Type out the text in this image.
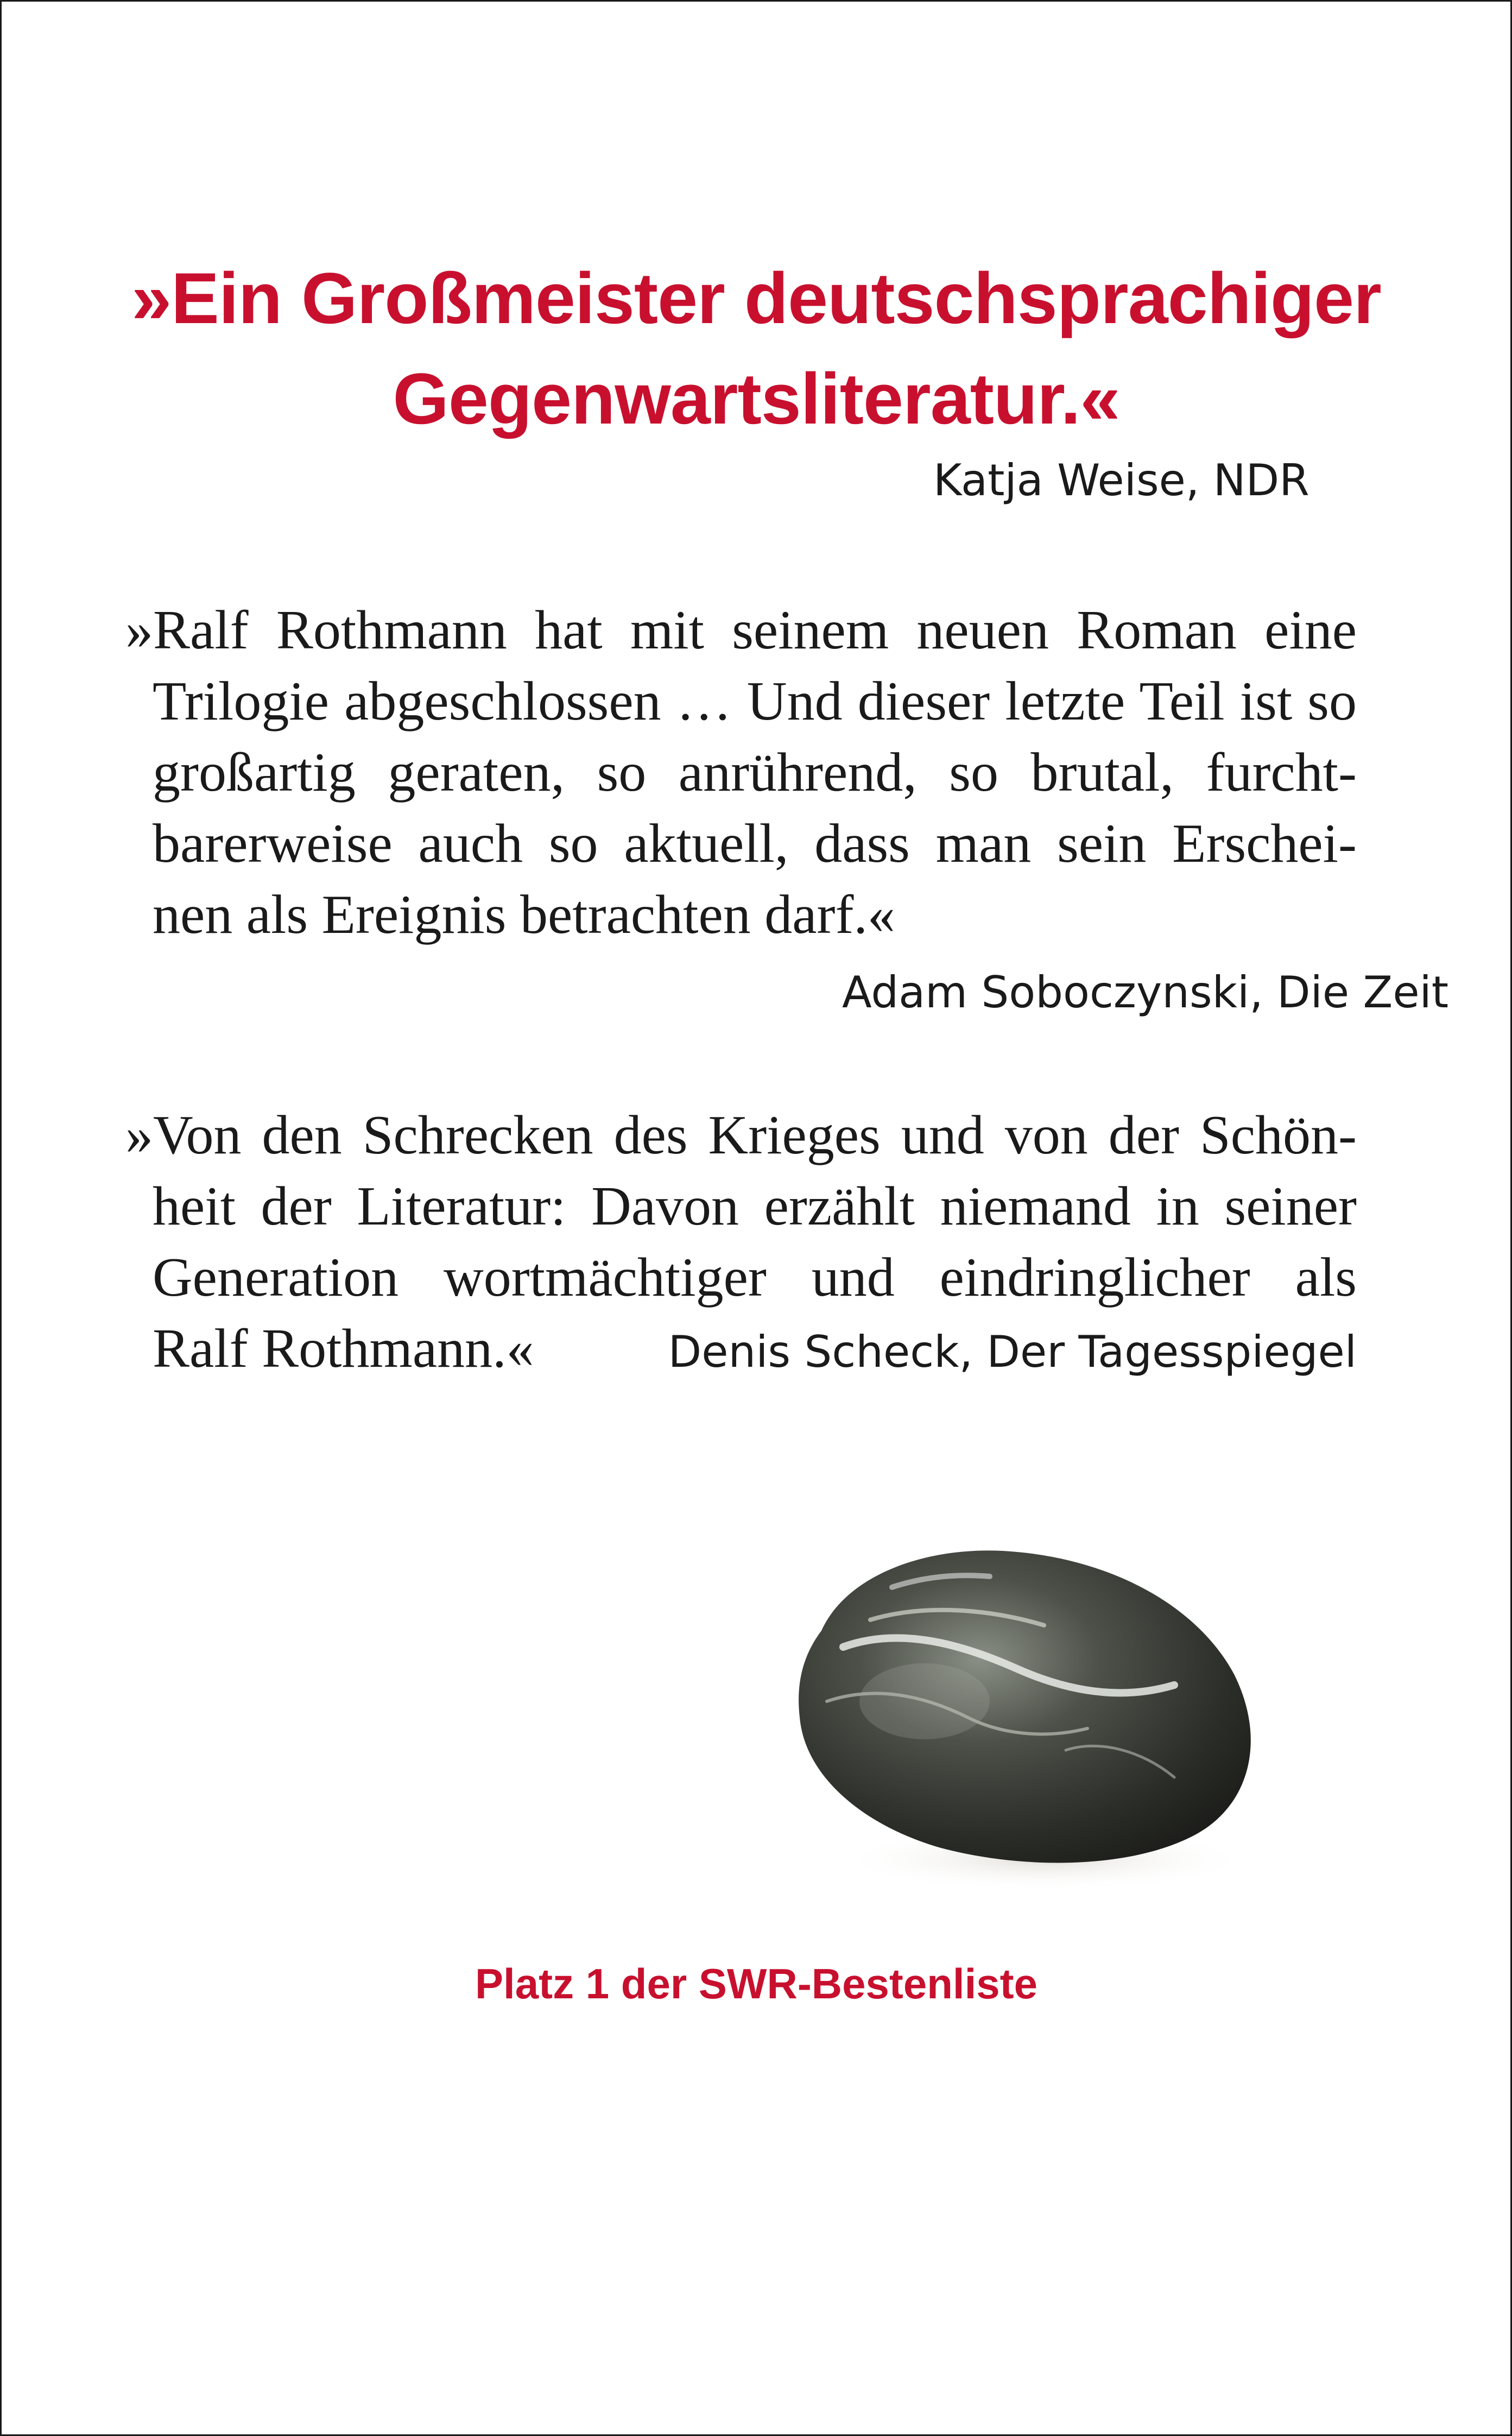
»Ein Großmeister deutschsprachiger
Gegenwartsliteratur.«
Katja Weise, NDR
»Ralf Rothmann hat mit seinem neuen Roman eine
Trilogie abgeschlossen … Und dieser letzte Teil ist so
großartig geraten, so anrührend, so brutal, furcht-
barerweise auch so aktuell, dass man sein Erschei-
nen als Ereignis betrachten darf.«
Adam Soboczynski, Die Zeit
»Von den Schrecken des Krieges und von der Schön-
heit der Literatur: Davon erzählt niemand in seiner
Generation wortmächtiger und eindringlicher als
Ralf Rothmann.«	Denis Scheck, Der Tagesspiegel
Platz 1 der SWR-Bestenliste
